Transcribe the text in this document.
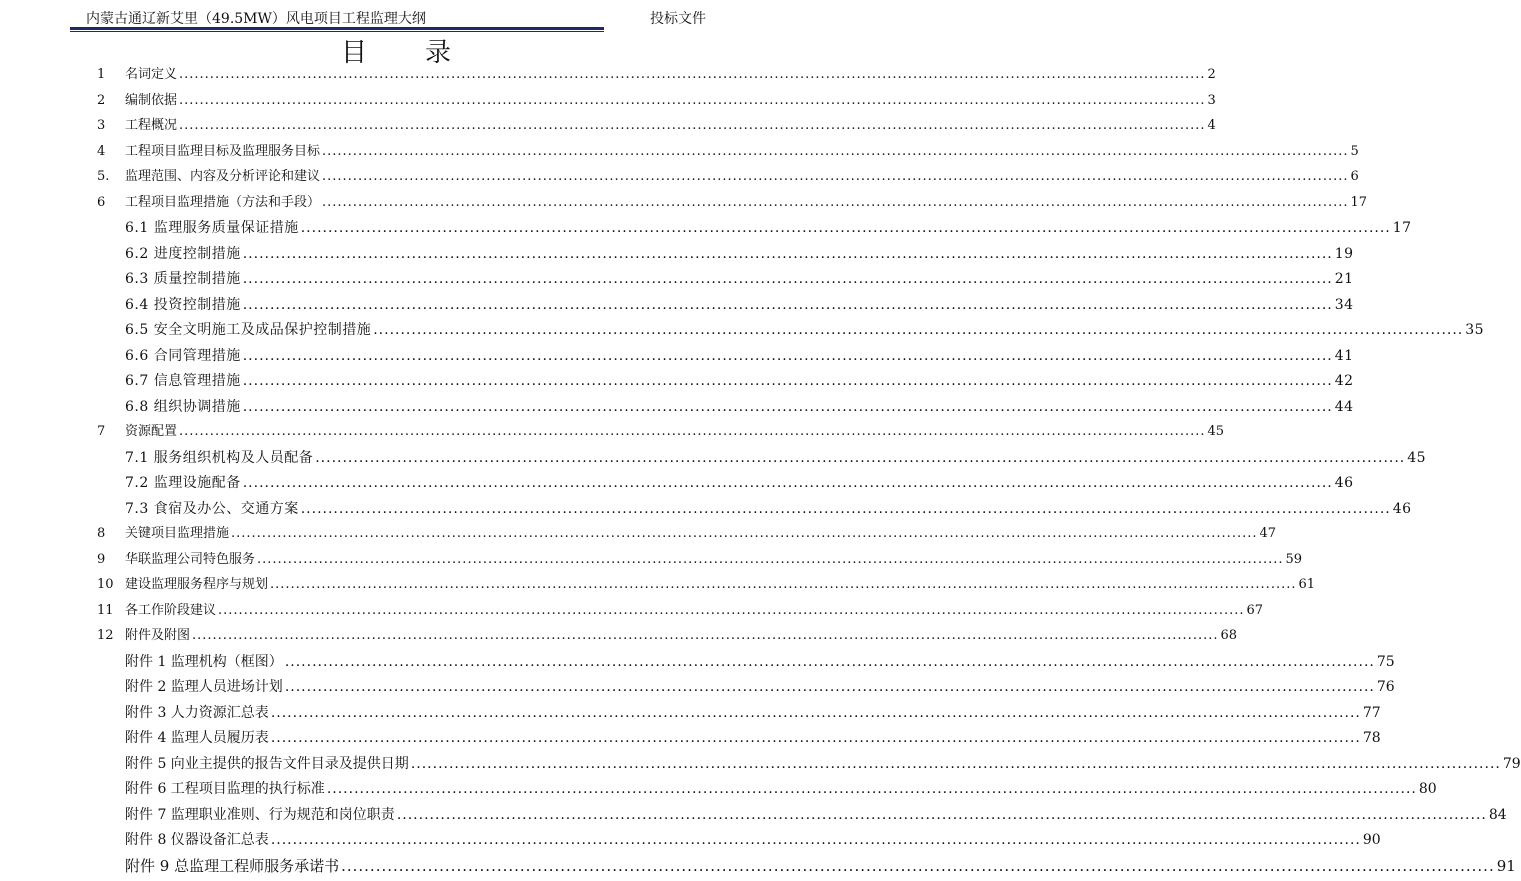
内蒙古通辽新艾里（49.5MW）风电项目工程监理大纲	投标文件
目录
1 名词定义 ........................................................................................................................................................................................................ 2
2 编制依据 ........................................................................................................................................................................................................ 3
3 工程概况 ........................................................................................................................................................................................................ 4
4 工程项目监理目标及监理服务目标 ........................................................................................................................................................................................................ 5
5. 监理范围、内容及分析评论和建议 ........................................................................................................................................................................................................ 6
6 工程项目监理措施（方法和手段） ........................................................................................................................................................................................................ 17
6.1 监理服务质量保证措施 ........................................................................................................................................................................................................ 17
6.2 进度控制措施 ........................................................................................................................................................................................................ 19
6.3 质量控制措施 ........................................................................................................................................................................................................ 21
6.4 投资控制措施 ........................................................................................................................................................................................................ 34
6.5 安全文明施工及成品保护控制措施 ........................................................................................................................................................................................................ 35
6.6 合同管理措施 ........................................................................................................................................................................................................ 41
6.7 信息管理措施 ........................................................................................................................................................................................................ 42
6.8 组织协调措施 ........................................................................................................................................................................................................ 44
7 资源配置 ........................................................................................................................................................................................................ 45
7.1 服务组织机构及人员配备 ........................................................................................................................................................................................................ 45
7.2 监理设施配备 ........................................................................................................................................................................................................ 46
7.3 食宿及办公、交通方案 ........................................................................................................................................................................................................ 46
8 关键项目监理措施 ........................................................................................................................................................................................................ 47
9 华联监理公司特色服务 ........................................................................................................................................................................................................ 59
10 建设监理服务程序与规划 ........................................................................................................................................................................................................ 61
11 各工作阶段建议 ........................................................................................................................................................................................................ 67
12 附件及附图 ........................................................................................................................................................................................................ 68
附件 1 监理机构（框图） ........................................................................................................................................................................................................ 75
附件 2 监理人员进场计划 ........................................................................................................................................................................................................ 76
附件 3 人力资源汇总表 ........................................................................................................................................................................................................ 77
附件 4 监理人员履历表 ........................................................................................................................................................................................................ 78
附件 5 向业主提供的报告文件目录及提供日期 ........................................................................................................................................................................................................ 79
附件 6 工程项目监理的执行标准 ........................................................................................................................................................................................................ 80
附件 7 监理职业准则、行为规范和岗位职责 ........................................................................................................................................................................................................ 84
附件 8 仪器设备汇总表 ........................................................................................................................................................................................................ 90
附件 9 总监理工程师服务承诺书 ........................................................................................................................................................................................................ 91
